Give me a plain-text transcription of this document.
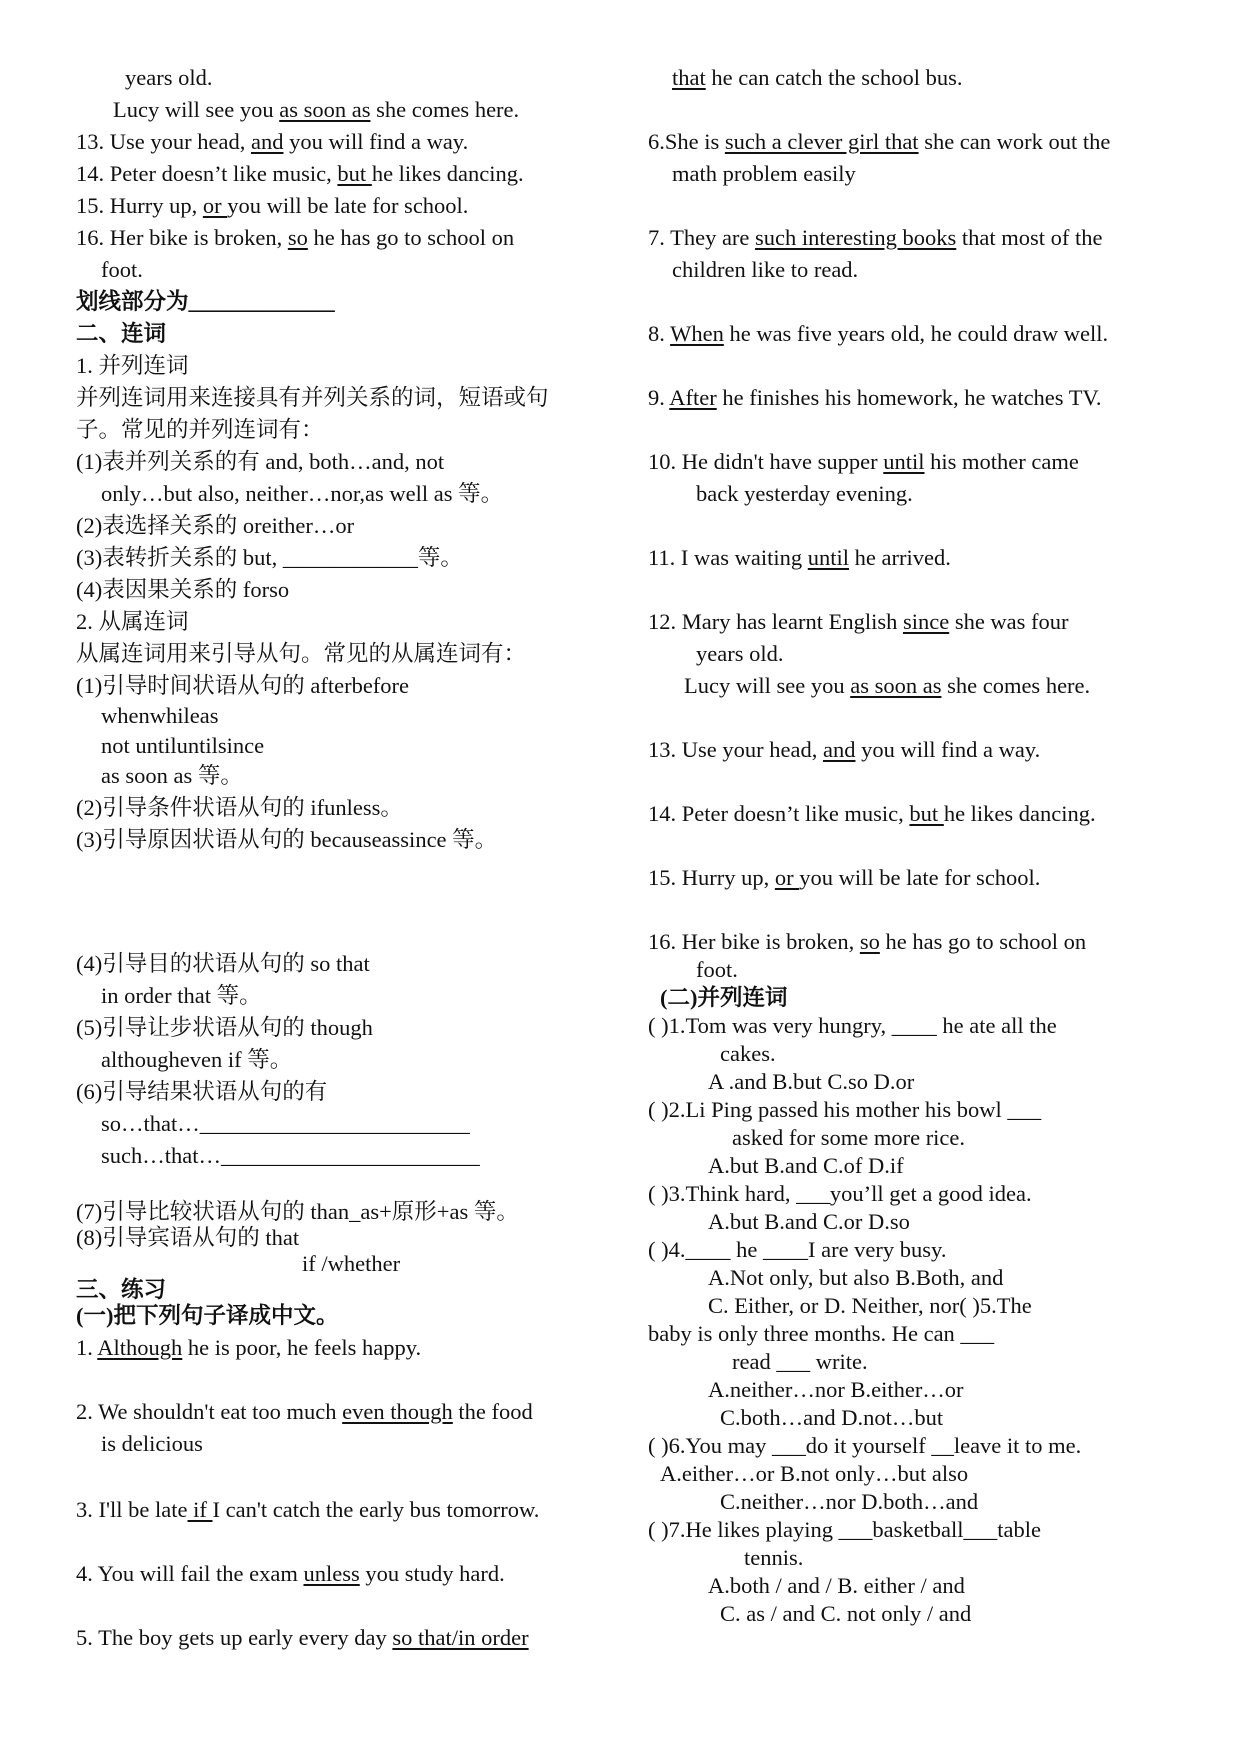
years old.
Lucy will see you as soon as she comes here.
13. Use your head, and you will find a way.
14. Peter doesn’t like music, but he likes dancing.
15. Hurry up, or you will be late for school.
16. Her bike is broken, so he has go to school on
foot.
划线部分为_____________
二、连词
1. 并列连词
并列连词用来连接具有并列关系的词，短语或句
子。常见的并列连词有：
(1)表并列关系的有 and, both…and, not
only…but also, neither…nor,as well as 等。
(2)表选择关系的 oreither…or
(3)表转折关系的 but, ____________等。
(4)表因果关系的 forso
2. 从属连词
从属连词用来引导从句。常见的从属连词有：
(1)引导时间状语从句的 afterbefore
whenwhileas
not untiluntilsince
as soon as 等。
(2)引导条件状语从句的 ifunless。
(3)引导原因状语从句的 becauseassince 等。
(4)引导目的状语从句的 so that
in order that 等。
(5)引导让步状语从句的 though
althougheven if 等。
(6)引导结果状语从句的有
so…that…________________________
such…that…_______________________
(7)引导比较状语从句的 than_as+原形+as 等。
(8)引导宾语从句的 that
if /whether
三、练习
(一)把下列句子译成中文。
1. Although he is poor, he feels happy.
2. We shouldn't eat too much even though the food
is delicious
3. I'll be late if I can't catch the early bus tomorrow.
4. You will fail the exam unless you study hard.
5. The boy gets up early every day so that/in order
that he can catch the school bus.
6.She is such a clever girl that she can work out the
math problem easily
7. They are such interesting books that most of the
children like to read.
8. When he was five years old, he could draw well.
9. After he finishes his homework, he watches TV.
10. He didn't have supper until his mother came
back yesterday evening.
11. I was waiting until he arrived.
12. Mary has learnt English since she was four
years old.
Lucy will see you as soon as she comes here.
13. Use your head, and you will find a way.
14. Peter doesn’t like music, but he likes dancing.
15. Hurry up, or you will be late for school.
16. Her bike is broken, so he has go to school on
foot.
(二)并列连词
( )1.Tom was very hungry, ____ he ate all the
cakes.
A .and B.but C.so D.or
( )2.Li Ping passed his mother his bowl ___
asked for some more rice.
A.but B.and C.of D.if
( )3.Think hard, ___you’ll get a good idea.
A.but B.and C.or D.so
( )4.____ he ____I are very busy.
A.Not only, but also B.Both, and
C. Either, or D. Neither, nor( )5.The
baby is only three months. He can ___
read ___ write.
A.neither…nor B.either…or
C.both…and D.not…but
( )6.You may ___do it yourself __leave it to me.
A.either…or B.not only…but also
C.neither…nor D.both…and
( )7.He likes playing ___basketball___table
tennis.
A.both / and / B. either / and
C. as / and C. not only / and
